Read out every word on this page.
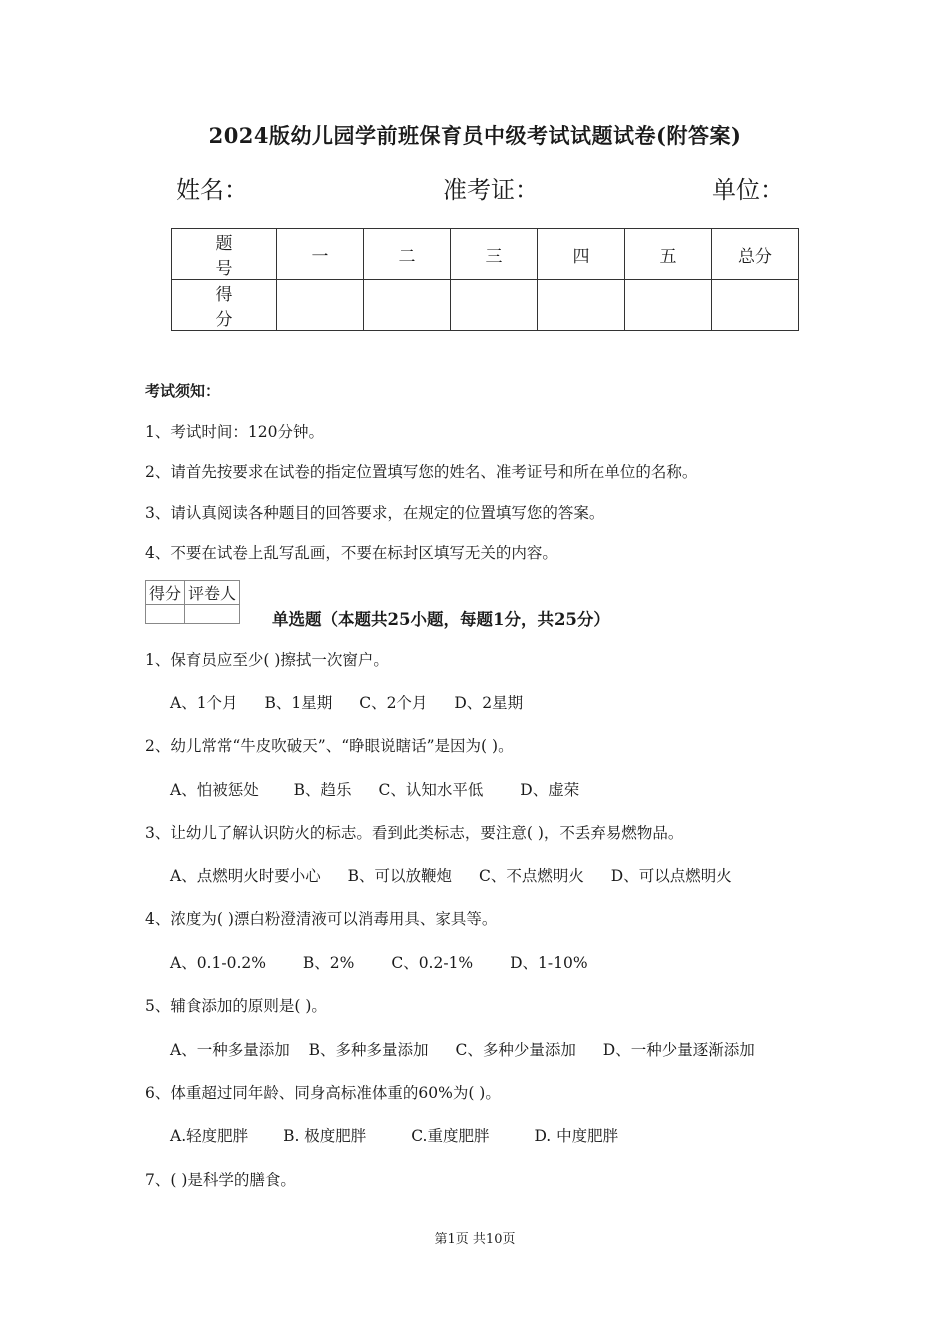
2024版幼儿园学前班保育员中级考试试题试卷(附答案)
姓名：	准考证：	单位：
题 号	一	二	三	四	五	总分
得 分						
考试须知：
1、考试时间：120分钟。
2、请首先按要求在试卷的指定位置填写您的姓名、准考证号和所在单位的名称。
3、请认真阅读各种题目的回答要求，在规定的位置填写您的答案。
4、不要在试卷上乱写乱画，不要在标封区填写无关的内容。
得分	评卷人

单选题（本题共25小题，每题1分，共25分）
1、保育员应至少( )擦拭一次窗户。
A、1个月 B、1星期 C、2个月 D、2星期
2、幼儿常常“牛皮吹破天”、“睁眼说瞎话”是因为( )。
A、怕被惩处 B、趋乐 C、认知水平低 D、虚荣
3、让幼儿了解认识防火的标志。看到此类标志，要注意( )，不丢弃易燃物品。
A、点燃明火时要小心 B、可以放鞭炮 C、不点燃明火 D、可以点燃明火
4、浓度为( )漂白粉澄清液可以消毒用具、家具等。
A、0.1-0.2% B、2% C、0.2-1% D、1-10%
5、辅食添加的原则是( )。
A、一种多量添加 B、多种多量添加 C、多种少量添加 D、一种少量逐渐添加
6、体重超过同年龄、同身高标准体重的60%为( )。
A.轻度肥胖 B. 极度肥胖	C.重度肥胖	D. 中度肥胖
7、( )是科学的膳食。
第1页 共10页
